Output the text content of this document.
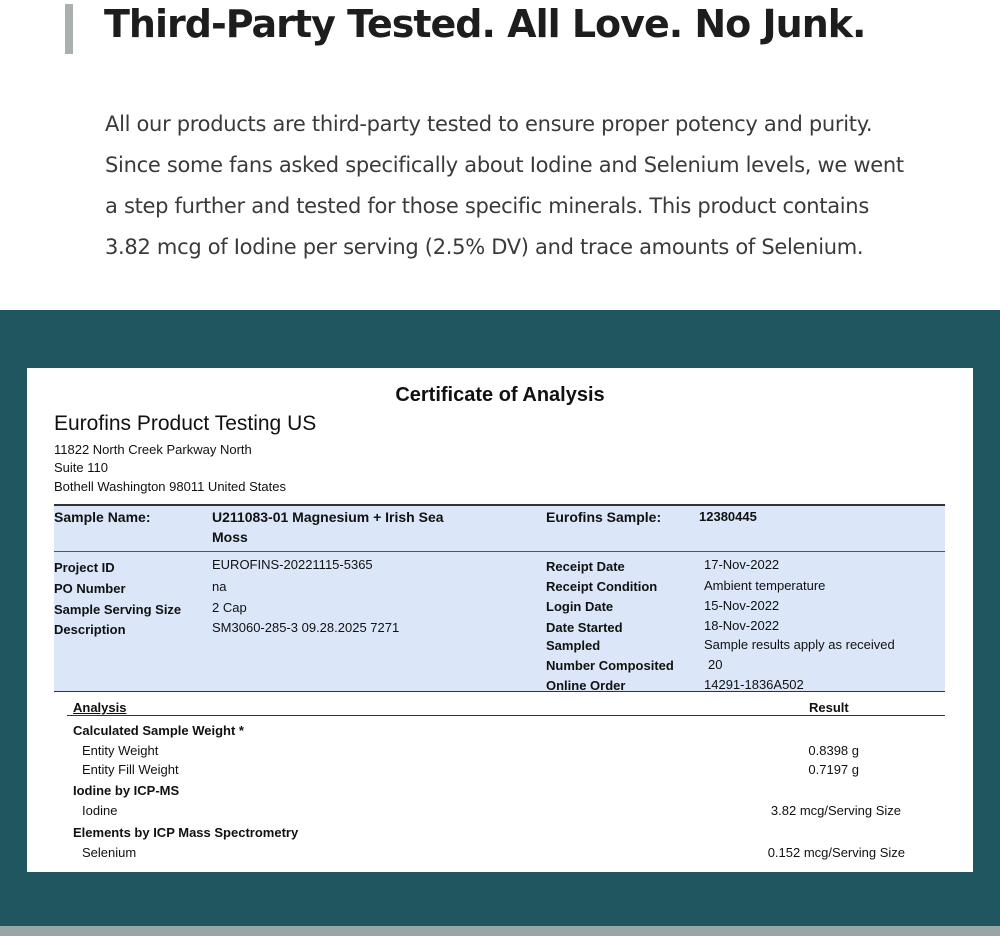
Third-Party Tested. All Love. No Junk.

All our products are third-party tested to ensure proper potency and purity.

Since some fans asked specifically about Iodine and Selenium levels, we went

a step further and tested for those specific minerals. This product contains

3.82 mcg of Iodine per serving (2.5% DV) and trace amounts of Selenium.

Certificate of Analysis
Eurofins Product Testing US
11822 North Creek Parkway North
Suite 110
Bothell Washington 98011 United States
Sample Name:	U211083-01 Magnesium + Irish Sea
Moss
Eurofins Sample:	12380445
Project ID	EUROFINS-20221115-5365
PO Number	na
Sample Serving Size 2 Cap
Description	SM3060-285-3 09.28.2025 7271
Receipt Date	17-Nov-2022
Receipt Condition	Ambient temperature
Login Date	15-Nov-2022
Date Started	18-Nov-2022
Sampled	Sample results apply as received
Number Composited	20
Online Order	14291-1836A502
Analysis	Result
Calculated Sample Weight *
Entity Weight	0.8398 g
Entity Fill Weight	0.7197 g
Iodine by ICP-MS
Iodine	3.82 mcg/Serving Size
Elements by ICP Mass Spectrometry
Selenium	0.152 mcg/Serving Size
